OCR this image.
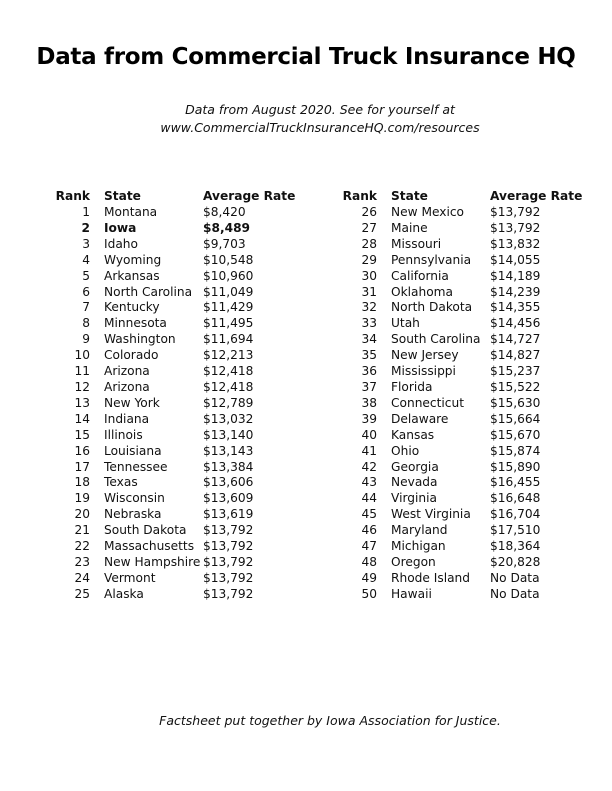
Data from Commercial Truck Insurance HQ
Data from August 2020. See for yourself at
www.CommercialTruckInsuranceHQ.com/resources
Rank	State	Average Rate
1	Montana	$8,420
2	Iowa	$8,489
3	Idaho	$9,703
4	Wyoming	$10,548
5	Arkansas	$10,960
6	North Carolina	$11,049
7	Kentucky	$11,429
8	Minnesota	$11,495
9	Washington	$11,694
10	Colorado	$12,213
11	Arizona	$12,418
12	Arizona	$12,418
13	New York	$12,789
14	Indiana	$13,032
15	Illinois	$13,140
16	Louisiana	$13,143
17	Tennessee	$13,384
18	Texas	$13,606
19	Wisconsin	$13,609
20	Nebraska	$13,619
21	South Dakota	$13,792
22	Massachusetts	$13,792
23	New Hampshire	$13,792
24	Vermont	$13,792
25	Alaska	$13,792
Rank	State	Average Rate
26	New Mexico	$13,792
27	Maine	$13,792
28	Missouri	$13,832
29	Pennsylvania	$14,055
30	California	$14,189
31	Oklahoma	$14,239
32	North Dakota	$14,355
33	Utah	$14,456
34	South Carolina	$14,727
35	New Jersey	$14,827
36	Mississippi	$15,237
37	Florida	$15,522
38	Connecticut	$15,630
39	Delaware	$15,664
40	Kansas	$15,670
41	Ohio	$15,874
42	Georgia	$15,890
43	Nevada	$16,455
44	Virginia	$16,648
45	West Virginia	$16,704
46	Maryland	$17,510
47	Michigan	$18,364
48	Oregon	$20,828
49	Rhode Island	No Data
50	Hawaii	No Data
Factsheet put together by Iowa Association for Justice.
